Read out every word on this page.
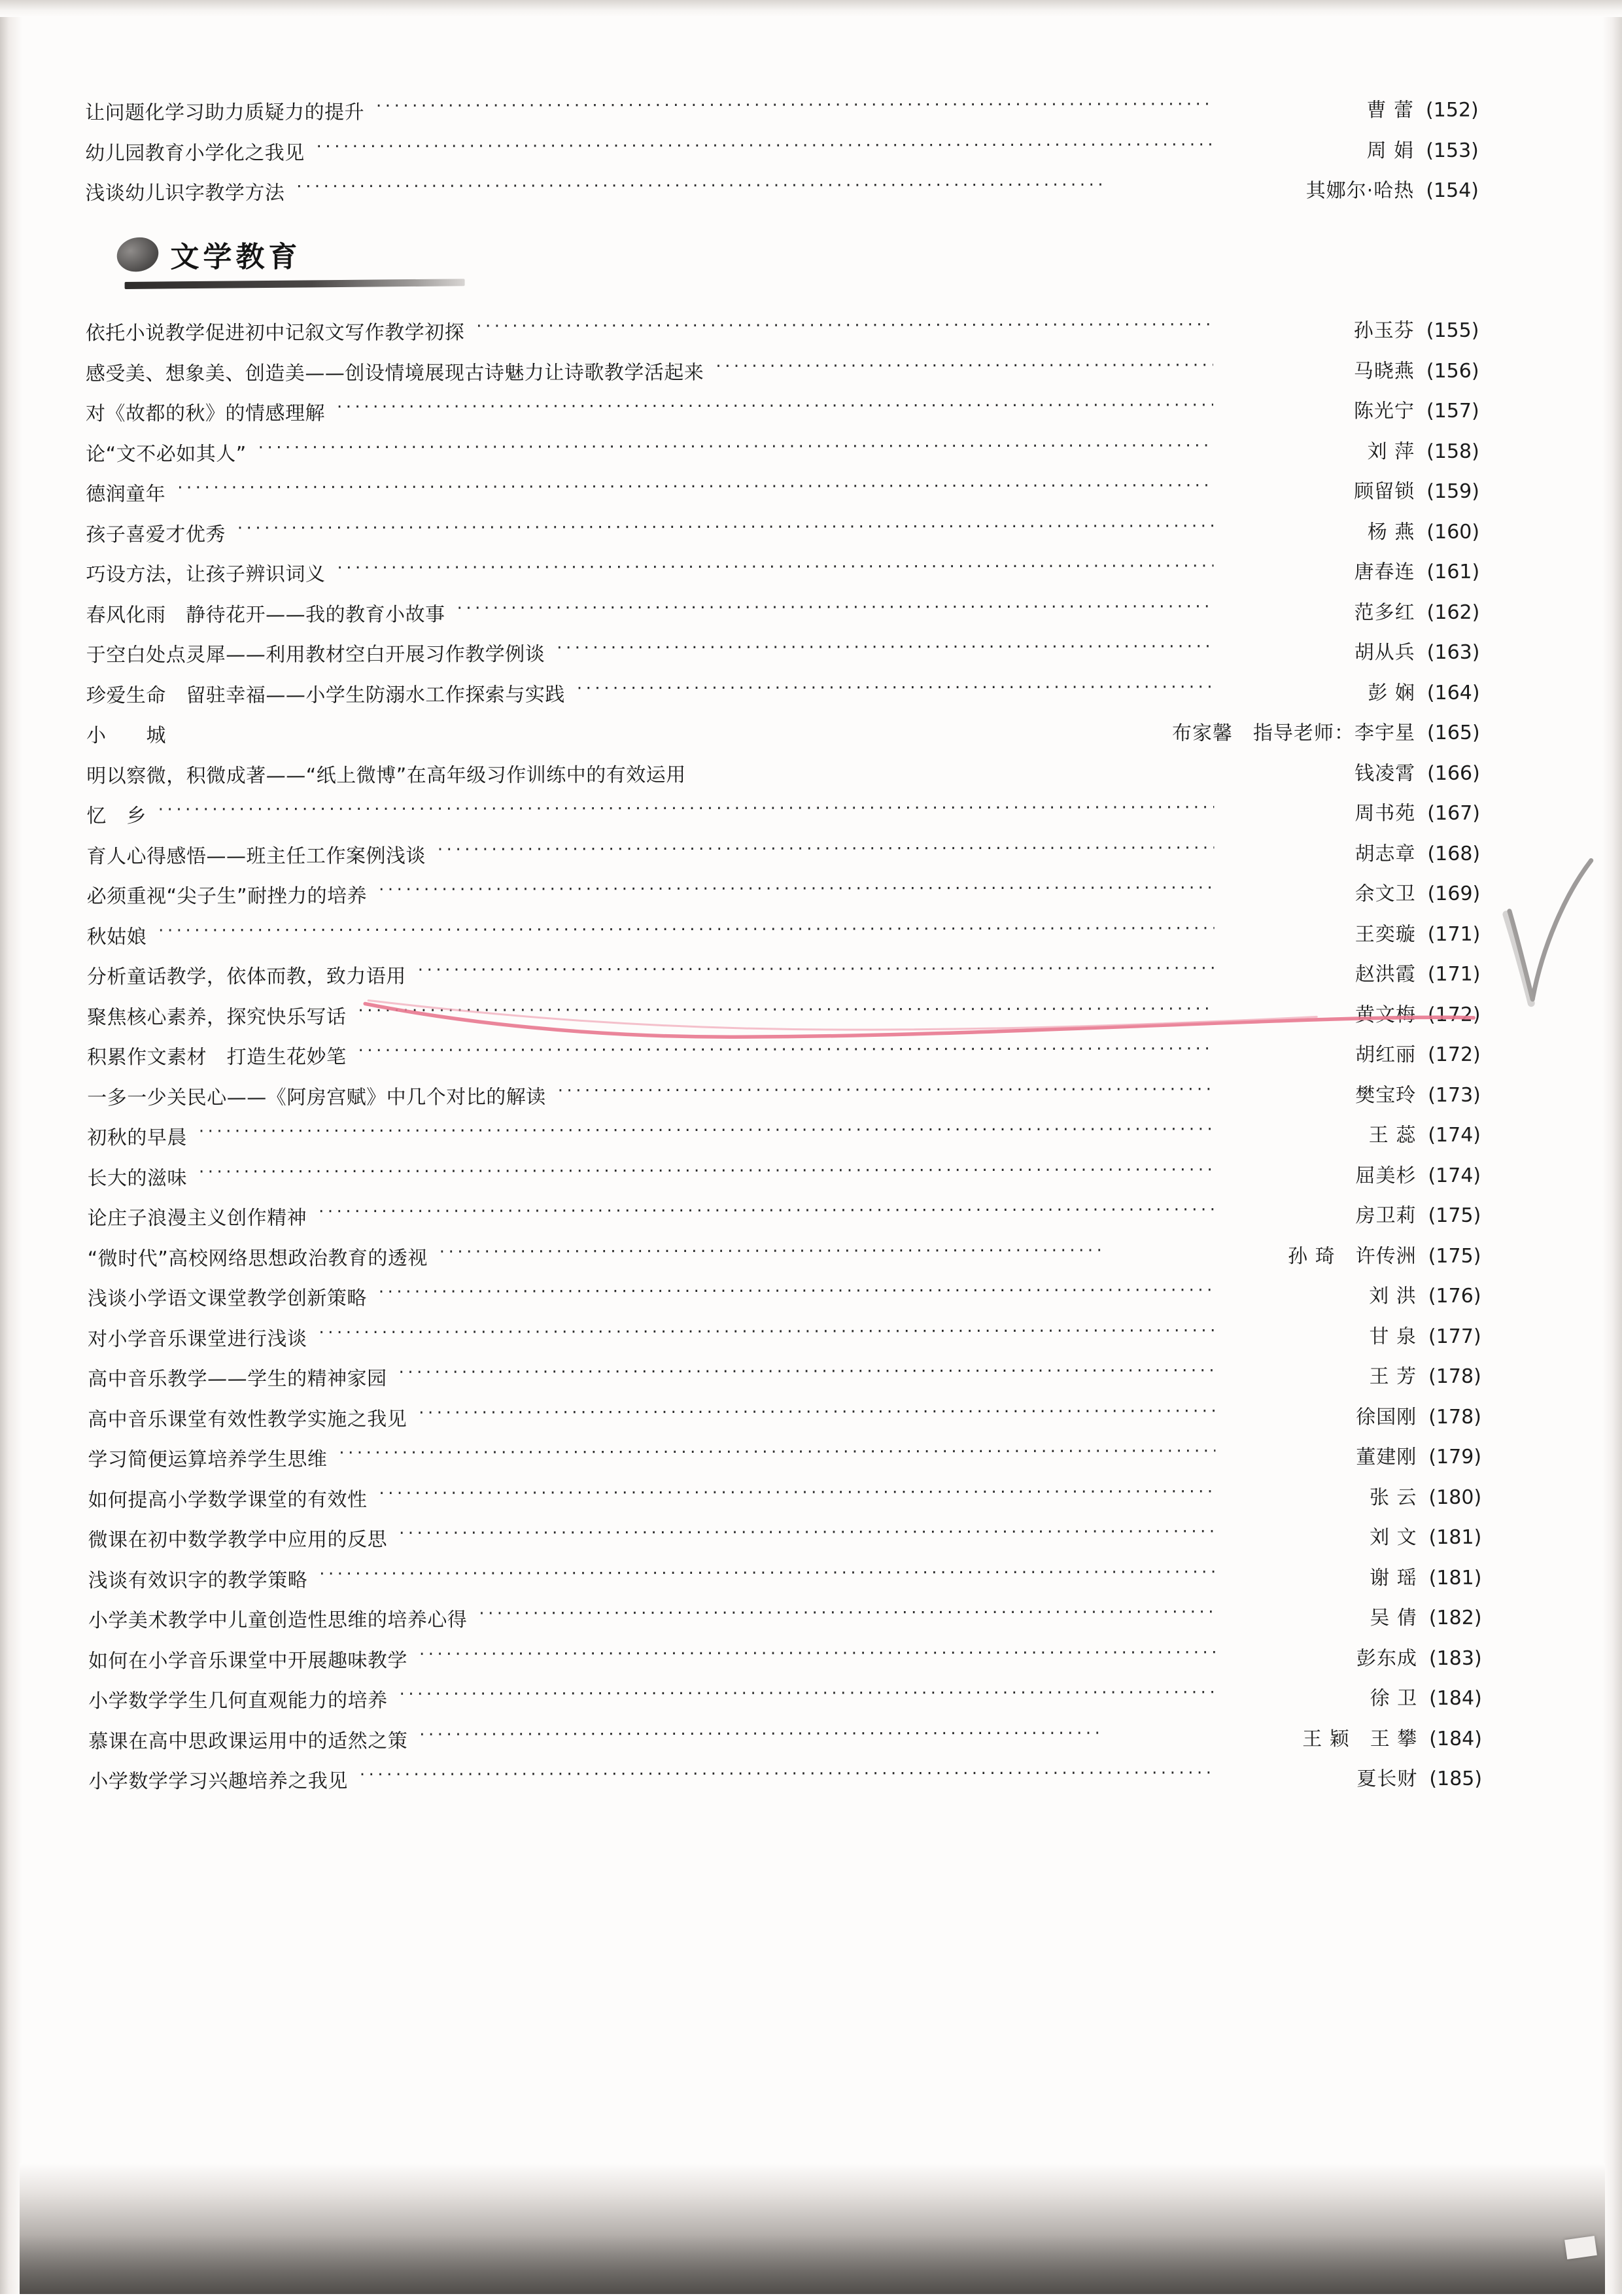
让问题化学习助力质疑力的提升 ·····	曹 蕾 (152)
幼儿园教育小学化之我见 ·····	周 娟 (153)
浅谈幼儿识字教学方法 ·····	其娜尔·哈热 (154)
文学教育
依托小说教学促进初中记叙文写作教学初探 ·····	孙玉芬 (155)
感受美、想象美、创造美——创设情境展现古诗魅力让诗歌教学活起来 ·····	马晓燕 (156)
对《故都的秋》的情感理解 ·····	陈光宁 (157)
论“文不必如其人” ·····	刘 萍 (158)
德润童年 ·····	顾留锁 (159)
孩子喜爱才优秀 ·····	杨 燕 (160)
巧设方法，让孩子辨识词义 ·····	唐春连 (161)
春风化雨　静待花开——我的教育小故事 ·····	范多红 (162)
于空白处点灵犀——利用教材空白开展习作教学例谈 ·····	胡从兵 (163)
珍爱生命　留驻幸福——小学生防溺水工作探索与实践 ·····	彭 娴 (164)
小　　城	布家馨　指导老师：李宇星 (165)
明以察微，积微成著——“纸上微博”在高年级习作训练中的有效运用	钱凌霄 (166)
忆　乡 ·····	周书苑 (167)
育人心得感悟——班主任工作案例浅谈 ·····	胡志章 (168)
必须重视“尖子生”耐挫力的培养 ·····	余文卫 (169)
秋姑娘 ·····	王奕璇 (171)
分析童话教学，依体而教，致力语用 ·····	赵洪霞 (171)
聚焦核心素养，探究快乐写话 ·····	黄文梅 (172)
积累作文素材　打造生花妙笔 ·····	胡红丽 (172)
一多一少关民心——《阿房宫赋》中几个对比的解读 ·····	樊宝玲 (173)
初秋的早晨 ·····	王 蕊 (174)
长大的滋味 ·····	屈美杉 (174)
论庄子浪漫主义创作精神 ·····	房卫莉 (175)
“微时代”高校网络思想政治教育的透视 ·····	孙 琦　许传洲 (175)
浅谈小学语文课堂教学创新策略 ·····	刘 洪 (176)
对小学音乐课堂进行浅谈 ·····	甘 泉 (177)
高中音乐教学——学生的精神家园 ·····	王 芳 (178)
高中音乐课堂有效性教学实施之我见 ·····	徐国刚 (178)
学习简便运算培养学生思维 ·····	董建刚 (179)
如何提高小学数学课堂的有效性 ·····	张 云 (180)
微课在初中数学教学中应用的反思 ·····	刘 文 (181)
浅谈有效识字的教学策略 ·····	谢 瑶 (181)
小学美术教学中儿童创造性思维的培养心得 ·····	吴 倩 (182)
如何在小学音乐课堂中开展趣味教学 ·····	彭东成 (183)
小学数学学生几何直观能力的培养 ·····	徐 卫 (184)
慕课在高中思政课运用中的适然之策 ·····	王 颖　王 攀 (184)
小学数学学习兴趣培养之我见 ·····	夏长财 (185)
